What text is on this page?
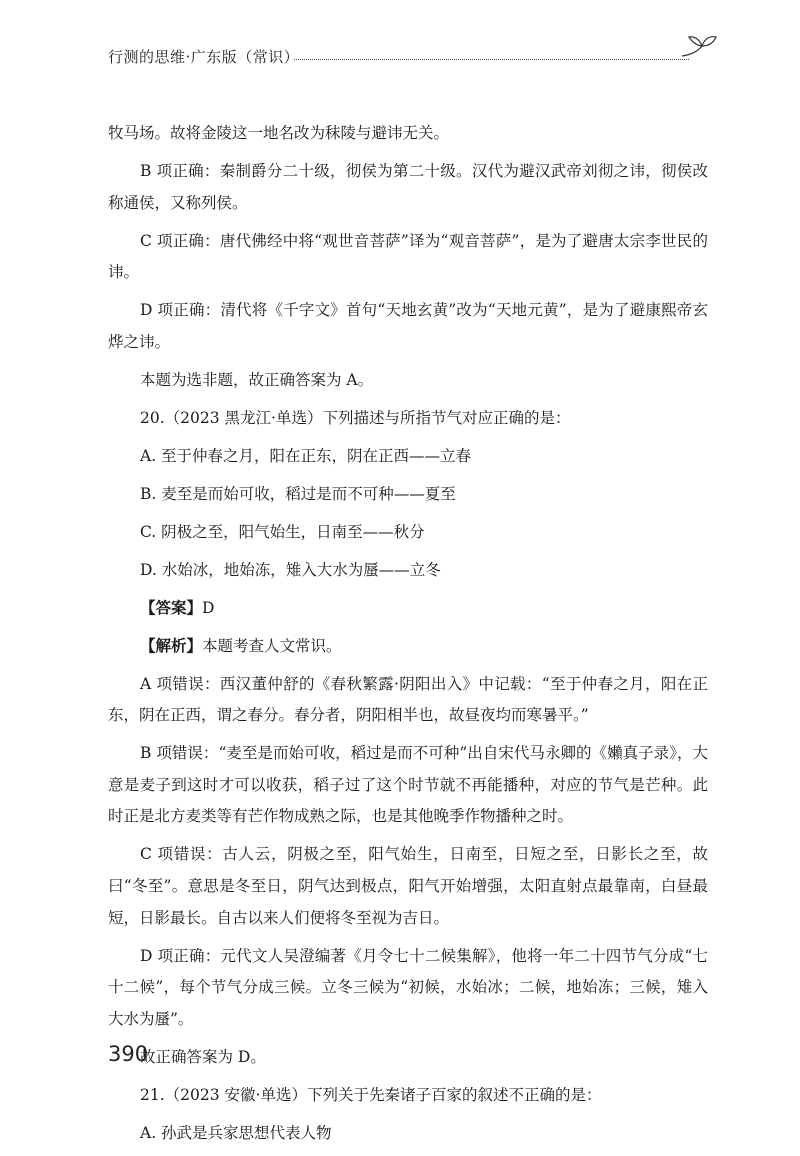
行测的思维·广东版（常识）

牧马场。故将金陵这一地名改为秣陵与避讳无关。

B 项正确：秦制爵分二十级，彻侯为第二十级。汉代为避汉武帝刘彻之讳，彻侯改称通侯，又称列侯。

C 项正确：唐代佛经中将“观世音菩萨”译为“观音菩萨”，是为了避唐太宗李世民的讳。

D 项正确：清代将《千字文》首句“天地玄黄”改为“天地元黄”，是为了避康熙帝玄烨之讳。

本题为选非题，故正确答案为 A。

20.（2023 黑龙江·单选）下列描述与所指节气对应正确的是：

A. 至于仲春之月，阳在正东，阴在正西——立春

B. 麦至是而始可收，稻过是而不可种——夏至

C. 阴极之至，阳气始生，日南至——秋分

D. 水始冰，地始冻，雉入大水为蜃——立冬

【答案】D

【解析】本题考查人文常识。

A 项错误：西汉董仲舒的《春秋繁露·阴阳出入》中记载：“至于仲春之月，阳在正东，阴在正西，谓之春分。春分者，阴阳相半也，故昼夜均而寒暑平。”

B 项错误：“麦至是而始可收，稻过是而不可种”出自宋代马永卿的《嬾真子录》，大意是麦子到这时才可以收获，稻子过了这个时节就不再能播种，对应的节气是芒种。此时正是北方麦类等有芒作物成熟之际，也是其他晚季作物播种之时。

C 项错误：古人云，阴极之至，阳气始生，日南至，日短之至，日影长之至，故曰“冬至”。意思是冬至日，阴气达到极点，阳气开始增强，太阳直射点最靠南，白昼最短，日影最长。自古以来人们便将冬至视为吉日。

D 项正确：元代文人吴澄编著《月令七十二候集解》，他将一年二十四节气分成“七十二候”，每个节气分成三候。立冬三候为“初候，水始冰；二候，地始冻；三候，雉入大水为蜃”。

故正确答案为 D。

21.（2023 安徽·单选）下列关于先秦诸子百家的叙述不正确的是：

A. 孙武是兵家思想代表人物

390
